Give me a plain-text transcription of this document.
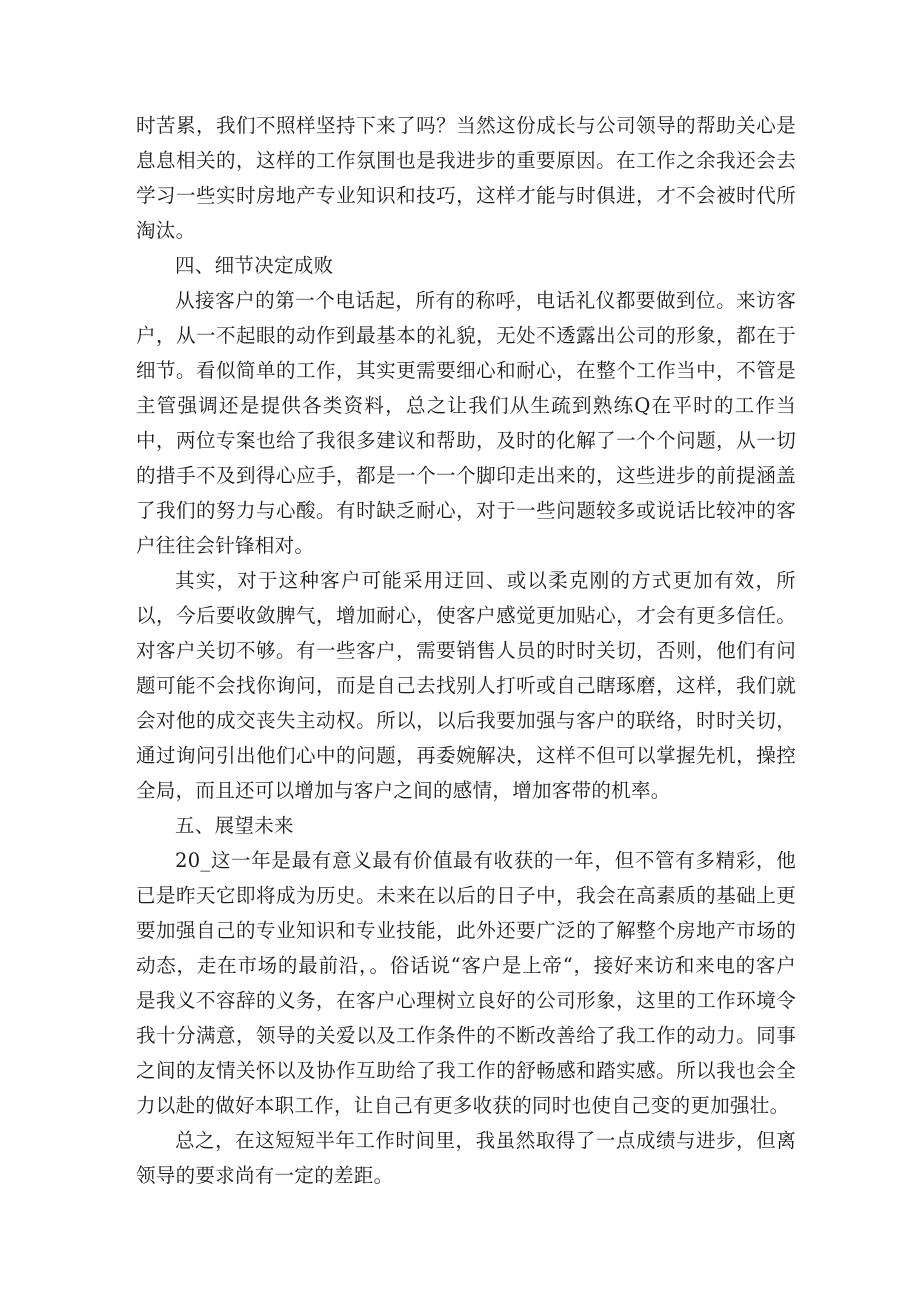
时苦累，我们不照样坚持下来了吗？当然这份成长与公司领导的帮助关心是息息相关的，这样的工作氛围也是我进步的重要原因。在工作之余我还会去学习一些实时房地产专业知识和技巧，这样才能与时俱进，才不会被时代所淘汰。

四、细节决定成败

从接客户的第一个电话起，所有的称呼，电话礼仪都要做到位。来访客户，从一不起眼的动作到最基本的礼貌，无处不透露出公司的形象，都在于细节。看似简单的工作，其实更需要细心和耐心，在整个工作当中，不管是主管强调还是提供各类资料，总之让我们从生疏到熟练Q在平时的工作当中，两位专案也给了我很多建议和帮助，及时的化解了一个个问题，从一切的措手不及到得心应手，都是一个一个脚印走出来的，这些进步的前提涵盖了我们的努力与心酸。有时缺乏耐心，对于一些问题较多或说话比较冲的客户往往会针锋相对。

其实，对于这种客户可能采用迂回、或以柔克刚的方式更加有效，所以，今后要收敛脾气，增加耐心，使客户感觉更加贴心，才会有更多信任。对客户关切不够。有一些客户，需要销售人员的时时关切，否则，他们有问题可能不会找你询问，而是自己去找别人打听或自己瞎琢磨，这样，我们就会对他的成交丧失主动权。所以，以后我要加强与客户的联络，时时关切，通过询问引出他们心中的问题，再委婉解决，这样不但可以掌握先机，操控全局，而且还可以增加与客户之间的感情，增加客带的机率。

五、展望未来

20_这一年是最有意义最有价值最有收获的一年，但不管有多精彩，他已是昨天它即将成为历史。未来在以后的日子中，我会在高素质的基础上更要加强自己的专业知识和专业技能，此外还要广泛的了解整个房地产市场的动态，走在市场的最前沿，。俗话说“客户是上帝“，接好来访和来电的客户是我义不容辞的义务，在客户心理树立良好的公司形象，这里的工作环境令我十分满意，领导的关爱以及工作条件的不断改善给了我工作的动力。同事之间的友情关怀以及协作互助给了我工作的舒畅感和踏实感。所以我也会全力以赴的做好本职工作，让自己有更多收获的同时也使自己变的更加强壮。

总之，在这短短半年工作时间里，我虽然取得了一点成绩与进步，但离领导的要求尚有一定的差距。
